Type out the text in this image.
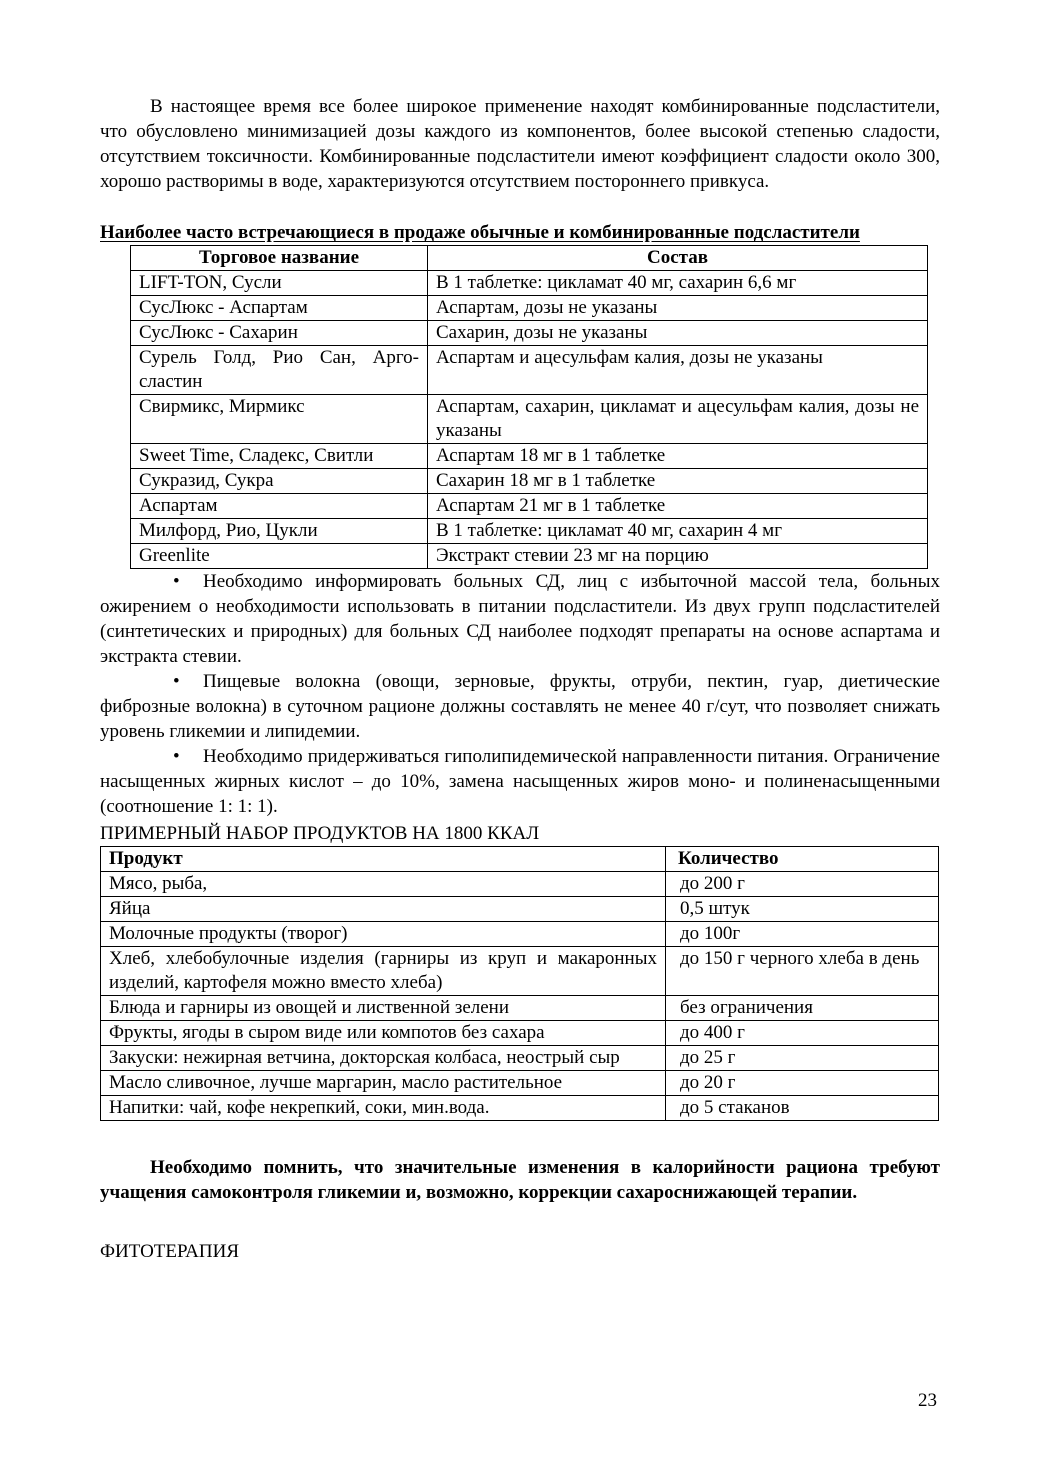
В настоящее время все более широкое применение находят комбинированные подсластители, что обусловлено минимизацией дозы каждого из компонентов, более высокой степенью сладости, отсутствием токсичности. Комбинированные подсластители имеют коэффициент сладости около 300, хорошо растворимы в воде, характеризуются отсутствием постороннего привкуса.

Наиболее часто встречающиеся в продаже обычные и комбинированные подсластители

Торговое название	Состав
LIFT-TON, Сусли	В 1 таблетке: цикламат 40 мг, сахарин 6,6 мг
СусЛюкс - Аспартам	Аспартам, дозы не указаны
СусЛюкс - Сахарин	Сахарин, дозы не указаны
Сурель Голд, Рио Сан, Арго-сластин	Аспартам и ацесульфам калия, дозы не указаны
Свирмикс, Мирмикс	Аспартам, сахарин, цикламат и ацесульфам калия, дозы не указаны
Sweet Time, Сладекс, Свитли	Аспартам 18 мг в 1 таблетке
Сукразид, Сукра	Сахарин 18 мг в 1 таблетке
Аспартам	Аспартам 21 мг в 1 таблетке
Милфорд, Рио, Цукли	В 1 таблетке: цикламат 40 мг, сахарин 4 мг
Greenlite	Экстракт стевии 23 мг на порцию

• Необходимо информировать больных СД, лиц с избыточной массой тела, больных ожирением о необходимости использовать в питании подсластители. Из двух групп подсластителей (синтетических и природных) для больных СД наиболее подходят препараты на основе аспартама и экстракта стевии.

• Пищевые волокна (овощи, зерновые, фрукты, отруби, пектин, гуар, диетические фиброзные волокна) в суточном рационе должны составлять не менее 40 г/сут, что позволяет снижать уровень гликемии и липидемии.

• Необходимо придерживаться гиполипидемической направленности питания. Ограничение насыщенных жирных кислот – до 10%, замена насыщенных жиров моно- и полиненасыщенными (соотношение 1: 1: 1).

ПРИМЕРНЫЙ НАБОР ПРОДУКТОВ НА 1800 ККАЛ

Продукт	Количество
Мясо, рыба,	до 200 г
Яйца	0,5 штук
Молочные продукты (творог)	до 100г
Хлеб, хлебобулочные изделия (гарниры из круп и макаронных изделий, картофеля можно вместо хлеба)	до 150 г черного хлеба в день
Блюда и гарниры из овощей и лиственной зелени	без ограничения
Фрукты, ягоды в сыром виде или компотов без сахара	до 400 г
Закуски: нежирная ветчина, докторская колбаса, неострый сыр	до 25 г
Масло сливочное, лучше маргарин, масло растительное	до 20 г
Напитки: чай, кофе некрепкий, соки, мин.вода.	до 5 стаканов

Необходимо помнить, что значительные изменения в калорийности рациона требуют учащения самоконтроля гликемии и, возможно, коррекции сахароснижающей терапии.

ФИТОТЕРАПИЯ

23
